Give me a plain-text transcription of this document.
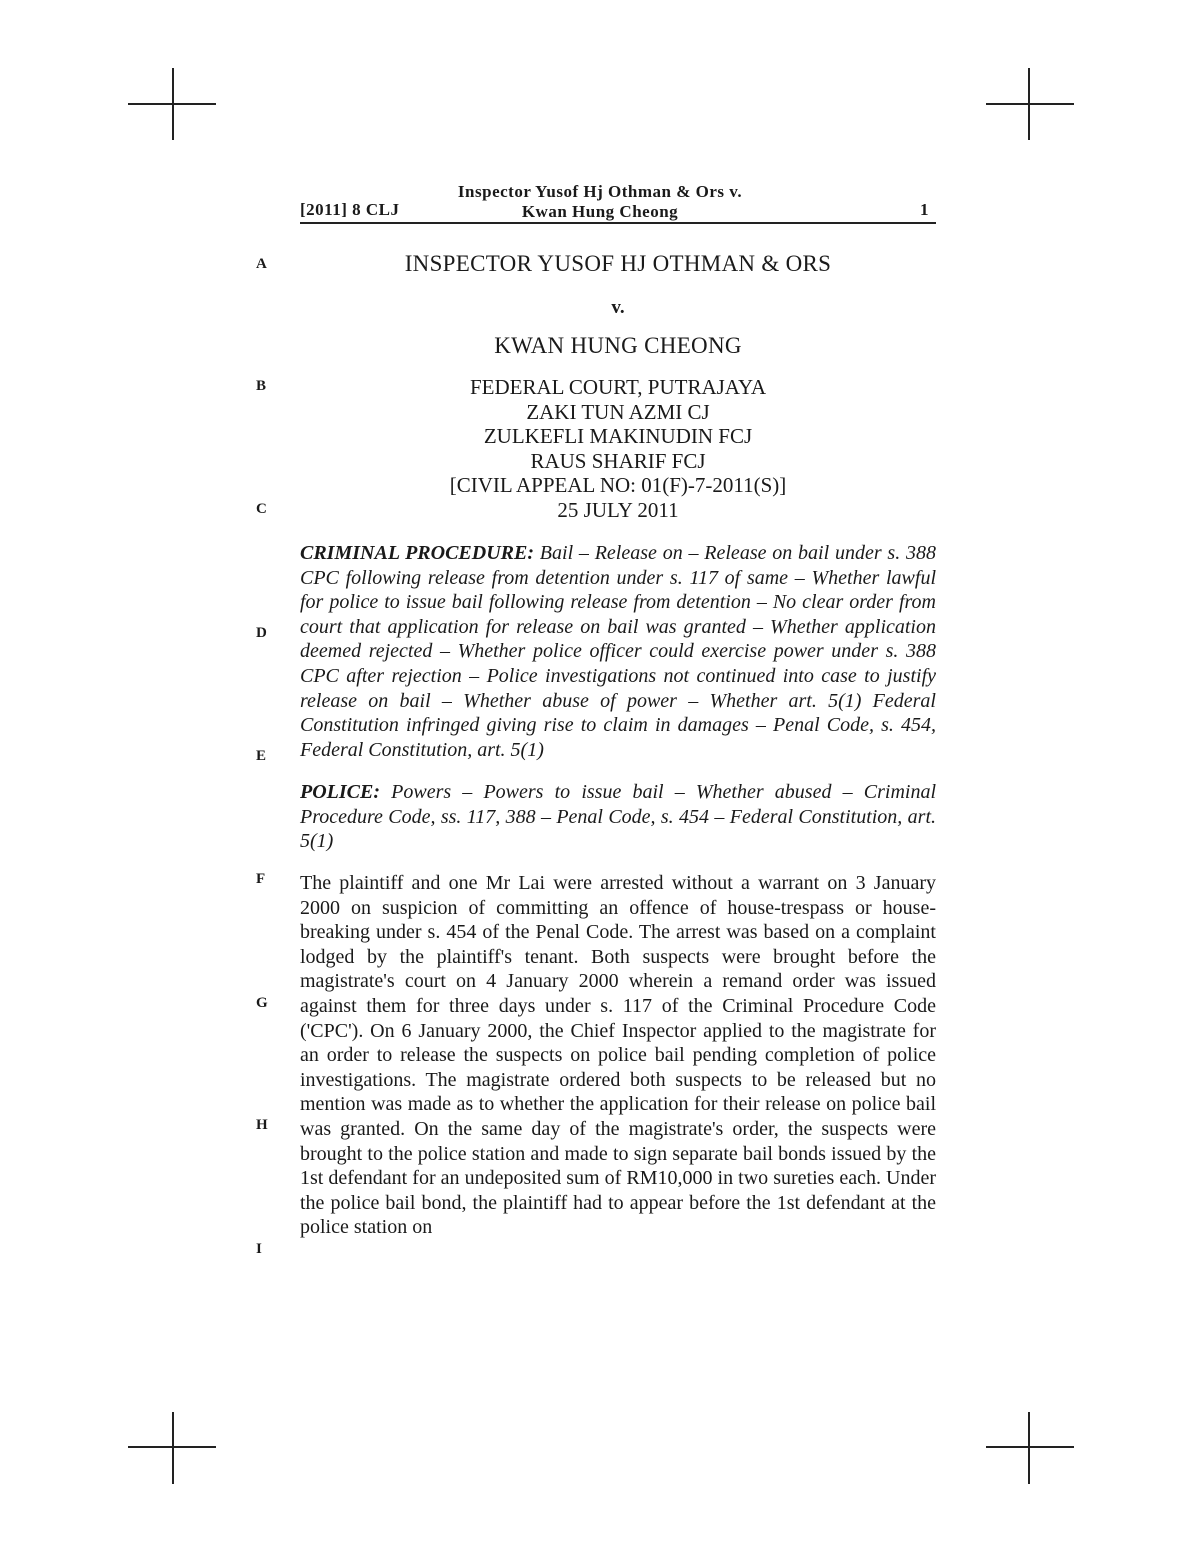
[2011] 8 CLJ
Inspector Yusof Hj Othman & Ors v.
Kwan Hung Cheong	1
A
B
C
D
E
F
G
H
I
INSPECTOR YUSOF HJ OTHMAN & ORS
v.
KWAN HUNG CHEONG
FEDERAL COURT, PUTRAJAYA
ZAKI TUN AZMI CJ
ZULKEFLI MAKINUDIN FCJ
RAUS SHARIF FCJ
[CIVIL APPEAL NO: 01(F)-7-2011(S)]
25 JULY 2011
CRIMINAL PROCEDURE: Bail – Release on – Release on bail under s. 388 CPC following release from detention under s. 117 of same – Whether lawful for police to issue bail following release from detention – No clear order from court that application for release on bail was granted – Whether application deemed rejected – Whether police officer could exercise power under s. 388 CPC after rejection – Police investigations not continued into case to justify release on bail – Whether abuse of power – Whether art. 5(1) Federal Constitution infringed giving rise to claim in damages – Penal Code, s. 454, Federal Constitution, art. 5(1)
POLICE: Powers – Powers to issue bail – Whether abused – Criminal Procedure Code, ss. 117, 388 – Penal Code, s. 454 – Federal Constitution, art. 5(1)
The plaintiff and one Mr Lai were arrested without a warrant on 3 January 2000 on suspicion of committing an offence of house-trespass or house-breaking under s. 454 of the Penal Code. The arrest was based on a complaint lodged by the plaintiff's tenant. Both suspects were brought before the magistrate's court on 4 January 2000 wherein a remand order was issued against them for three days under s. 117 of the Criminal Procedure Code ('CPC'). On 6 January 2000, the Chief Inspector applied to the magistrate for an order to release the suspects on police bail pending completion of police investigations. The magistrate ordered both suspects to be released but no mention was made as to whether the application for their release on police bail was granted. On the same day of the magistrate's order, the suspects were brought to the police station and made to sign separate bail bonds issued by the 1st defendant for an undeposited sum of RM10,000 in two sureties each. Under the police bail bond, the plaintiff had to appear before the 1st defendant at the police station on
